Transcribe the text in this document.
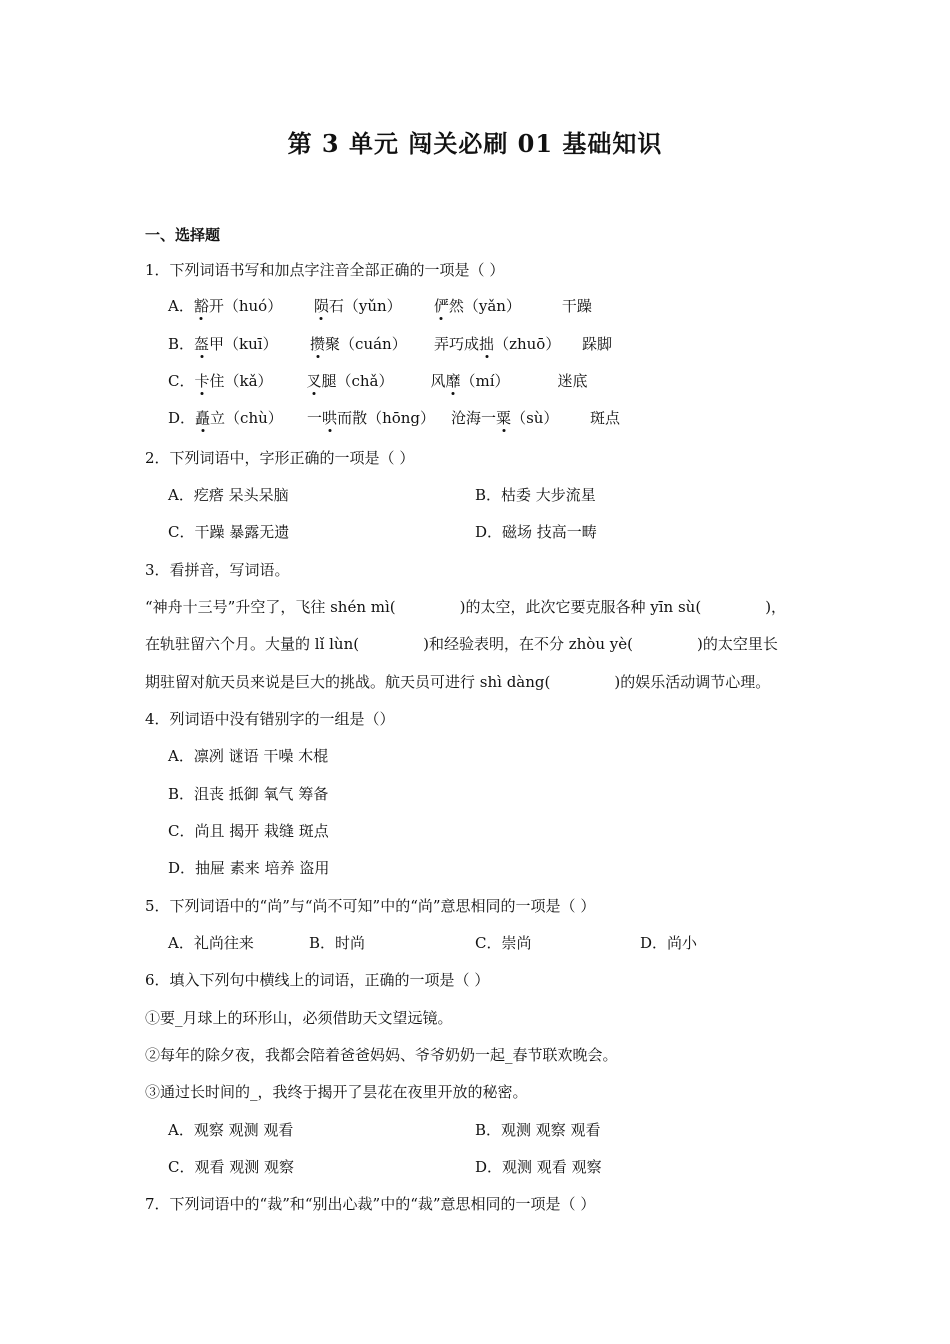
第 3 单元 闯关必刷 01 基础知识
一、选择题
1．下列词语书写和加点字注音全部正确的一项是（ ）
A．豁开（huó） 陨石（yǔn） 俨然（yǎn）	干躁
B．盔甲（kuī） 攒聚（cuán） 弄巧成拙（zhuō） 跺脚
C．卡住（kǎ） 叉腿（chǎ） 风靡（mí）	迷底
D．矗立（chù） 一哄而散（hōng） 沧海一粟（sù） 斑点
2．下列词语中，字形正确的一项是（ ）
A．疙瘩 呆头呆脑	B．枯委 大步流星
C．干躁 暴露无遗	D．磁场 技高一畴
3．看拼音，写词语。
“神舟十三号”升空了，飞往 shén mì(	)的太空，此次它要克服各种 yīn sù(	)，
在轨驻留六个月。大量的 lǐ lùn(	)和经验表明，在不分 zhòu yè(	)的太空里长
期驻留对航天员来说是巨大的挑战。航天员可进行 shì dàng(	)的娱乐活动调节心理。
4．列词语中没有错别字的一组是（）
A．凛冽 谜语 干噪 木棍
B．沮丧 抵御 氧气 筹备
C．尚且 揭开 栽缝 斑点
D．抽屉 素来 培养 盗用
5．下列词语中的“尚”与“尚不可知”中的“尚”意思相同的一项是（ ）
A．礼尚往来	B．时尚	C．崇尚	D．尚小
6．填入下列句中横线上的词语，正确的一项是（ ）
①要_月球上的环形山，必须借助天文望远镜。
②每年的除夕夜，我都会陪着爸爸妈妈、爷爷奶奶一起_春节联欢晚会。
③通过长时间的_，我终于揭开了昙花在夜里开放的秘密。
A．观察 观测 观看	B．观测 观察 观看
C．观看 观测 观察	D．观测 观看 观察
7．下列词语中的“裁”和“别出心裁”中的“裁”意思相同的一项是（ ）
